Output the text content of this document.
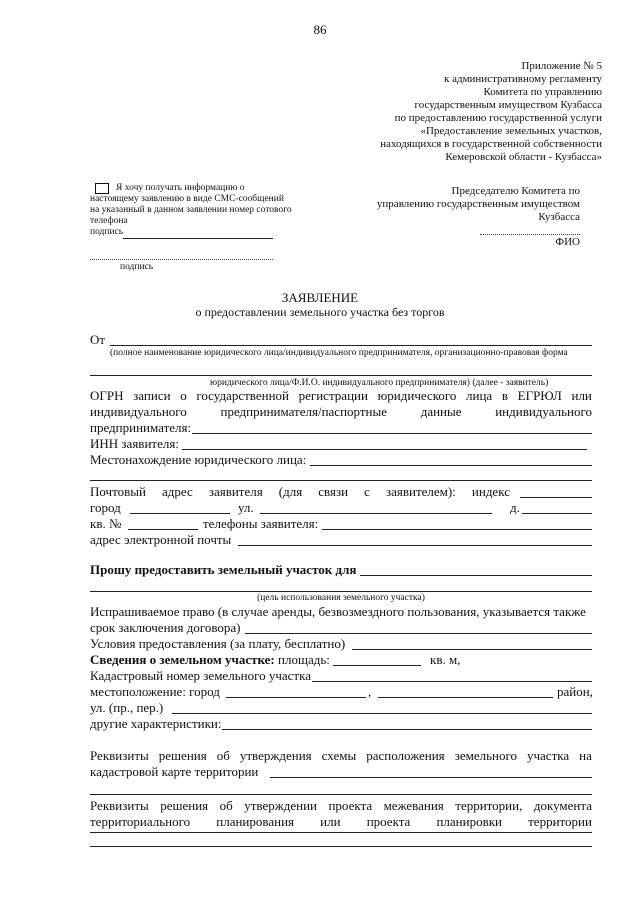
86
Приложение № 5
к административному регламенту
Комитета по управлению
государственным имуществом Кузбасса
по предоставлению государственной услуги
«Предоставление земельных участков,
находящихся в государственной собственности
Кемеровской области - Кузбасса»
Я хочу получать информацию о
настоящему заявлению в виде СМС-сообщений
на указанный в данном заявлении номер сотового
телефона
подпись
подпись
Председателю Комитета по
управлению государственным имуществом
Кузбасса
ФИО
ЗАЯВЛЕНИЕ
о предоставлении земельного участка без торгов
От
(полное наименование юридического лица/индивидуального предпринимателя, организационно-правовая форма
юридического лица/Ф.И.О. индивидуального предпринимателя) (далее - заявитель)
ОГРН записи о государственной регистрации юридического лица в ЕГРЮЛ или
индивидуального	предпринимателя/паспортные	данные	индивидуального
предпринимателя:
ИНН заявителя:
Местонахождение юридического лица:
Почтовый адрес заявителя (для связи с заявителем): индекс
город	ул.	д.
кв. №	телефоны заявителя:
адрес электронной почты
Прошу предоставить земельный участок для
(цель использования земельного участка)
Испрашиваемое право (в случае аренды, безвозмездного пользования, указывается также
срок заключения договора)
Условия предоставления (за плату, бесплатно)
Сведения о земельном участке: площадь:	кв. м,
Кадастровый номер земельного участка
местоположение: город	,	район,
ул. (пр., пер.)
другие характеристики:
Реквизиты решения об утверждения схемы расположения земельного участка на
кадастровой карте территории
Реквизиты решения об утверждении проекта межевания территории, документа
территориального планирования или проекта планировки территории
